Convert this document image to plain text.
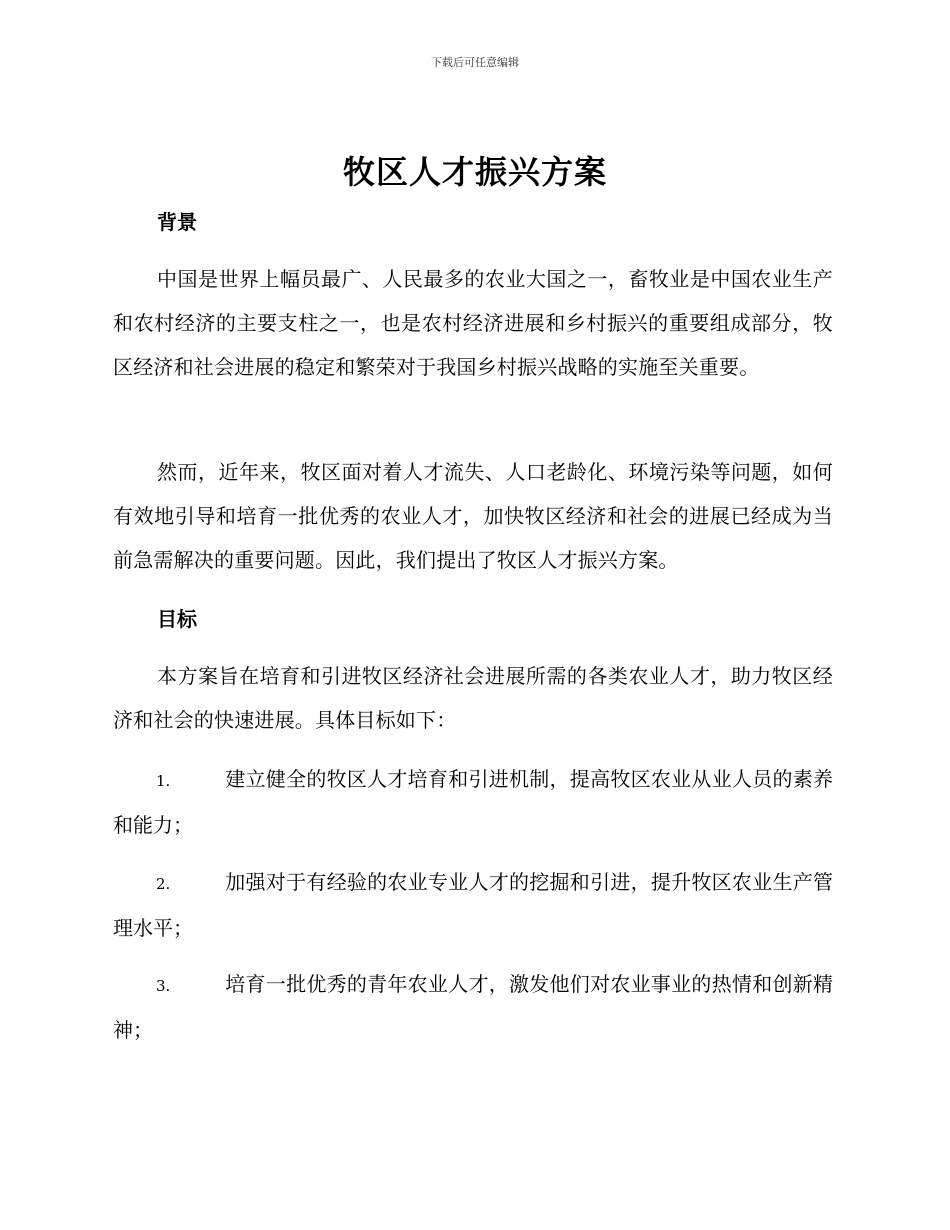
下载后可任意编辑
牧区人才振兴方案
背景
中国是世界上幅员最广、人民最多的农业大国之一，畜牧业是中国农业生产和农村经济的主要支柱之一，也是农村经济进展和乡村振兴的重要组成部分，牧区经济和社会进展的稳定和繁荣对于我国乡村振兴战略的实施至关重要。
然而，近年来，牧区面对着人才流失、人口老龄化、环境污染等问题，如何有效地引导和培育一批优秀的农业人才，加快牧区经济和社会的进展已经成为当前急需解决的重要问题。因此，我们提出了牧区人才振兴方案。
目标
本方案旨在培育和引进牧区经济社会进展所需的各类农业人才，助力牧区经济和社会的快速进展。具体目标如下：
1.	建立健全的牧区人才培育和引进机制，提高牧区农业从业人员的素养和能力；
2.	加强对于有经验的农业专业人才的挖掘和引进，提升牧区农业生产管理水平；
3.	培育一批优秀的青年农业人才，激发他们对农业事业的热情和创新精神；
